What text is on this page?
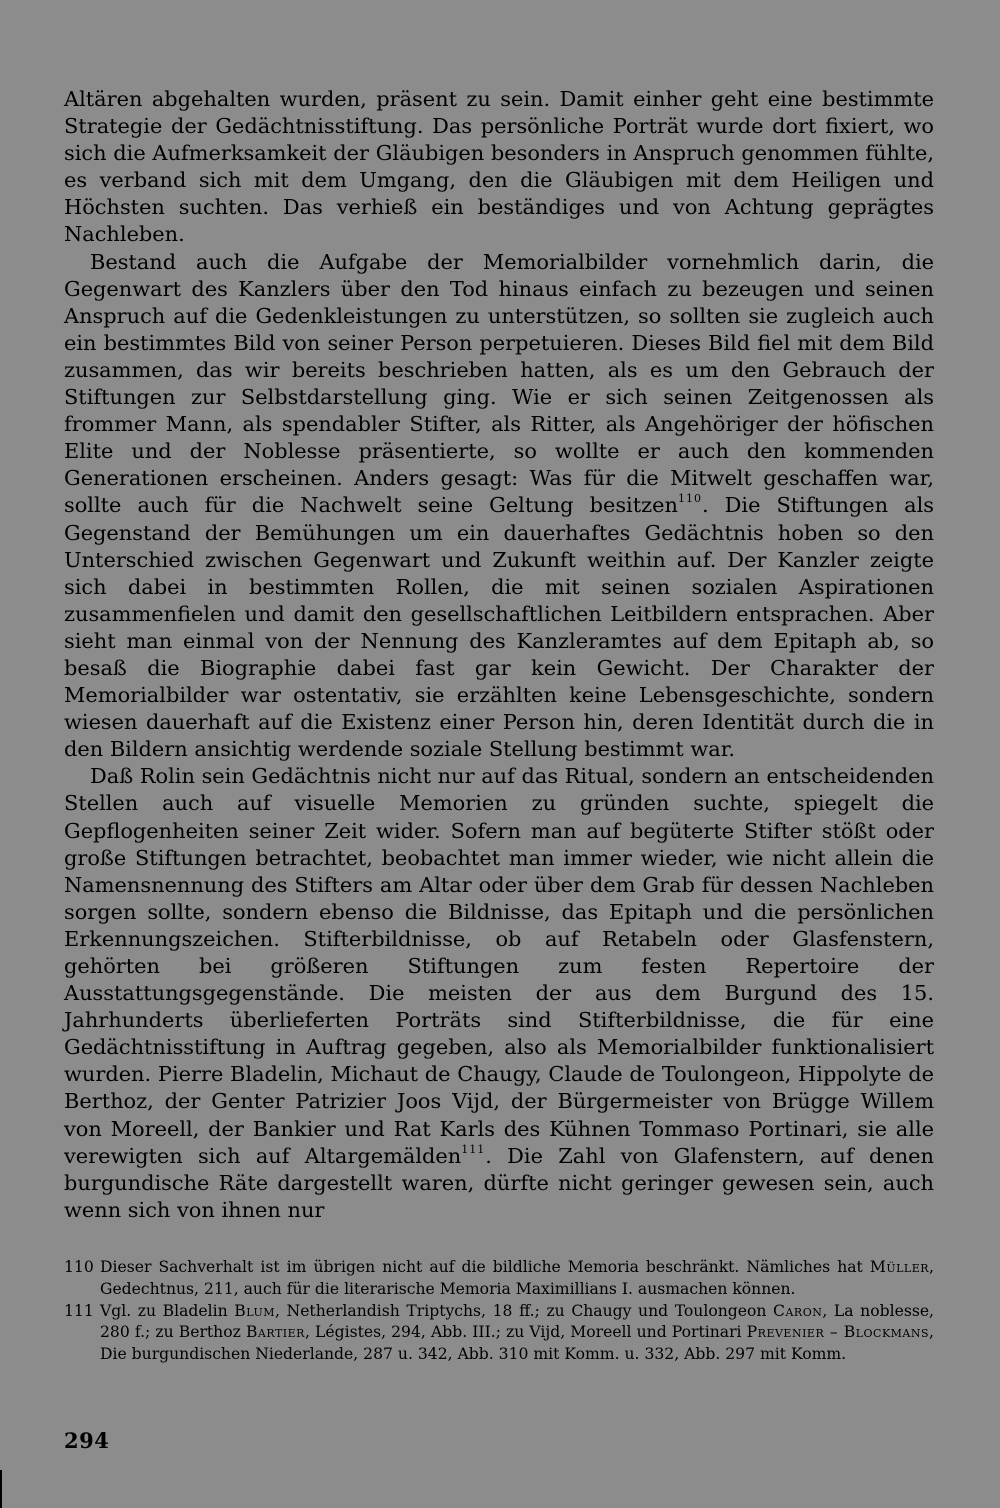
Altären abgehalten wurden, präsent zu sein. Damit einher geht eine bestimmte Strategie der Gedächtnisstiftung. Das persönliche Porträt wurde dort fixiert, wo sich die Aufmerksamkeit der Gläubigen besonders in Anspruch genommen fühlte, es verband sich mit dem Umgang, den die Gläubigen mit dem Heiligen und Höchsten suchten. Das verhieß ein beständiges und von Achtung geprägtes Nachleben.

Bestand auch die Aufgabe der Memorialbilder vornehmlich darin, die Gegenwart des Kanzlers über den Tod hinaus einfach zu bezeugen und seinen Anspruch auf die Gedenkleistungen zu unterstützen, so sollten sie zugleich auch ein bestimmtes Bild von seiner Person perpetuieren. Dieses Bild fiel mit dem Bild zusammen, das wir bereits beschrieben hatten, als es um den Gebrauch der Stiftungen zur Selbstdarstellung ging. Wie er sich seinen Zeitgenossen als frommer Mann, als spendabler Stifter, als Ritter, als Angehöriger der höfischen Elite und der Noblesse präsentierte, so wollte er auch den kommenden Generationen erscheinen. Anders gesagt: Was für die Mitwelt geschaffen war, sollte auch für die Nachwelt seine Geltung besitzen$^{110}$. Die Stiftungen als Gegenstand der Bemühungen um ein dauerhaftes Gedächtnis hoben so den Unterschied zwischen Gegenwart und Zukunft weithin auf. Der Kanzler zeigte sich dabei in bestimmten Rollen, die mit seinen sozialen Aspirationen zusammenfielen und damit den gesellschaftlichen Leitbildern entsprachen. Aber sieht man einmal von der Nennung des Kanzleramtes auf dem Epitaph ab, so besaß die Biographie dabei fast gar kein Gewicht. Der Charakter der Memorialbilder war ostentativ, sie erzählten keine Lebensgeschichte, sondern wiesen dauerhaft auf die Existenz einer Person hin, deren Identität durch die in den Bildern ansichtig werdende soziale Stellung bestimmt war.

Daß Rolin sein Gedächtnis nicht nur auf das Ritual, sondern an entscheidenden Stellen auch auf visuelle Memorien zu gründen suchte, spiegelt die Gepflogenheiten seiner Zeit wider. Sofern man auf begüterte Stifter stößt oder große Stiftungen betrachtet, beobachtet man immer wieder, wie nicht allein die Namensnennung des Stifters am Altar oder über dem Grab für dessen Nachleben sorgen sollte, sondern ebenso die Bildnisse, das Epitaph und die persönlichen Erkennungszeichen. Stifterbildnisse, ob auf Retabeln oder Glasfenstern, gehörten bei größeren Stiftungen zum festen Repertoire der Ausstattungsgegenstände. Die meisten der aus dem Burgund des 15. Jahrhunderts überlieferten Porträts sind Stifterbildnisse, die für eine Gedächtnisstiftung in Auftrag gegeben, also als Memorialbilder funktionalisiert wurden. Pierre Bladelin, Michaut de Chaugy, Claude de Toulongeon, Hippolyte de Berthoz, der Genter Patrizier Joos Vijd, der Bürgermeister von Brügge Willem von Moreell, der Bankier und Rat Karls des Kühnen Tommaso Portinari, sie alle verewigten sich auf Altargemälden$^{111}$. Die Zahl von Glafenstern, auf denen burgundische Räte dargestellt waren, dürfte nicht geringer gewesen sein, auch wenn sich von ihnen nur

110 Dieser Sachverhalt ist im übrigen nicht auf die bildliche Memoria beschränkt. Nämliches hat Müller, Gedechtnus, 211, auch für die literarische Memoria Maximillians I. ausmachen können.
111 Vgl. zu Bladelin Blum, Netherlandish Triptychs, 18 ff.; zu Chaugy und Toulongeon Caron, La noblesse, 280 f.; zu Berthoz Bartier, Légistes, 294, Abb. III.; zu Vijd, Moreell und Portinari Prevenier – Blockmans, Die burgundischen Niederlande, 287 u. 342, Abb. 310 mit Komm. u. 332, Abb. 297 mit Komm.
294
